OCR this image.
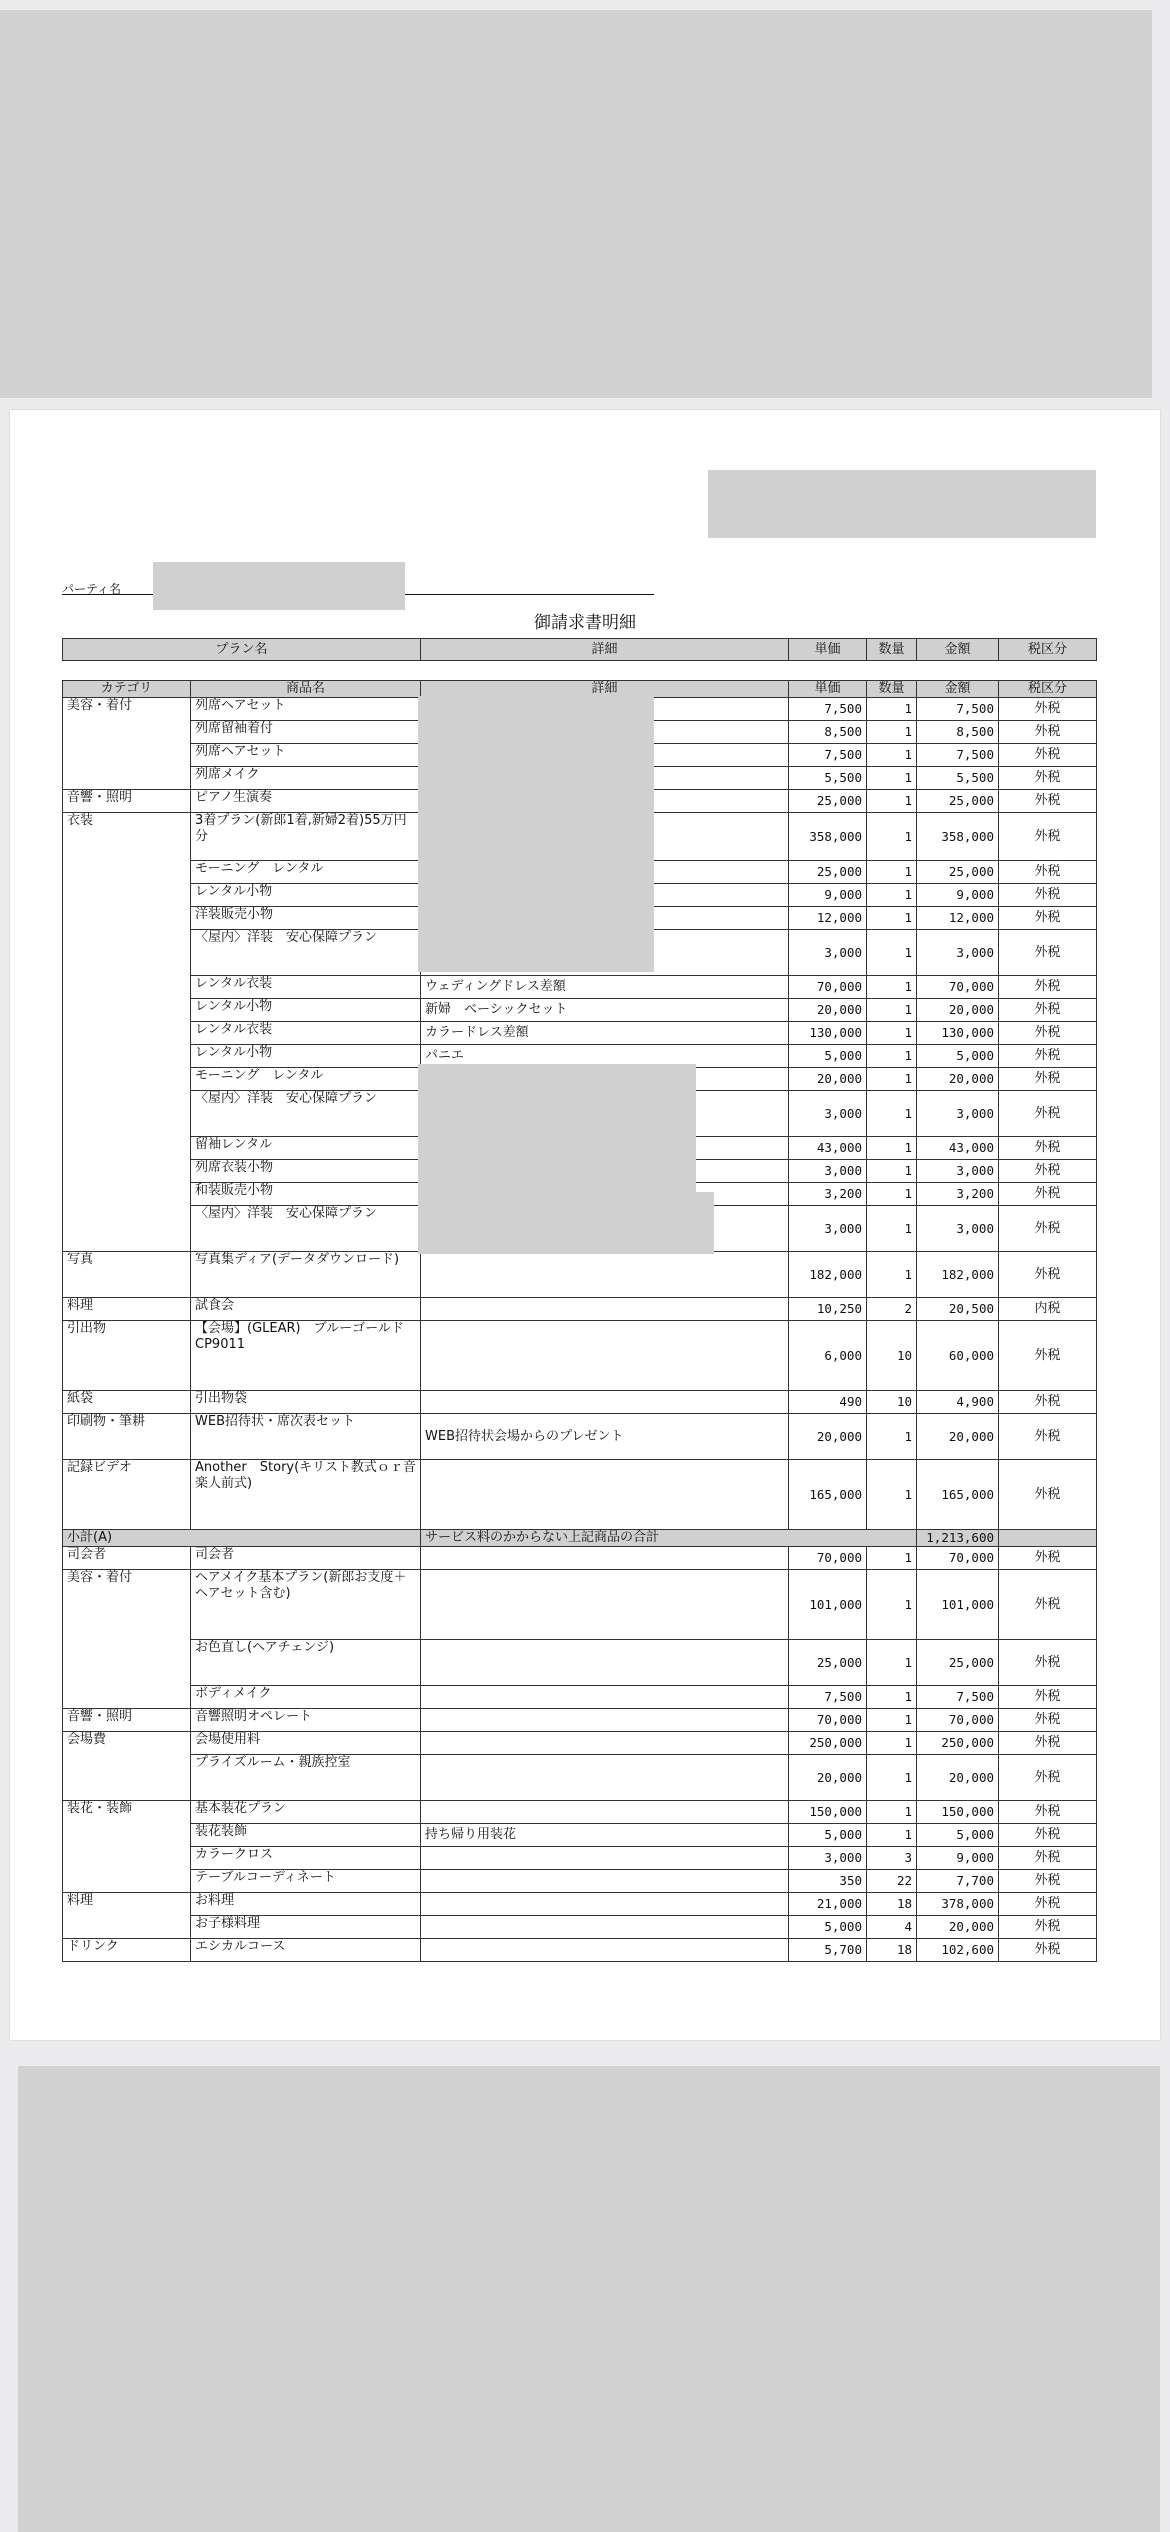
パーティ名
御請求書明細
プラン名	詳細	単価	数量	金額	税区分
カテゴリ	商品名	詳細	単価	数量	金額	税区分
美容・着付	列席ヘアセット		7,500	1	7,500	外税
	列席留袖着付		8,500	1	8,500	外税
	列席ヘアセット		7,500	1	7,500	外税
	列席メイク		5,500	1	5,500	外税
音響・照明	ピアノ生演奏		25,000	1	25,000	外税
衣装	3着プラン(新郎1着,新婦2着)55万円分		358,000	1	358,000	外税
	モーニング　レンタル		25,000	1	25,000	外税
	レンタル小物		9,000	1	9,000	外税
	洋装販売小物		12,000	1	12,000	外税
	〈屋内〉洋装　安心保障プラン		3,000	1	3,000	外税
	レンタル衣装	ウェディングドレス差額	70,000	1	70,000	外税
	レンタル小物	新婦　ベーシックセット	20,000	1	20,000	外税
	レンタル衣装	カラードレス差額	130,000	1	130,000	外税
	レンタル小物	パニエ	5,000	1	5,000	外税
	モーニング　レンタル		20,000	1	20,000	外税
	〈屋内〉洋装　安心保障プラン		3,000	1	3,000	外税
	留袖レンタル		43,000	1	43,000	外税
	列席衣装小物		3,000	1	3,000	外税
	和装販売小物		3,200	1	3,200	外税
	〈屋内〉洋装　安心保障プラン		3,000	1	3,000	外税
写真	写真集ディア(データダウンロード)		182,000	1	182,000	外税
料理	試食会		10,250	2	20,500	内税
引出物	【会場】(GLEAR)　ブルーゴールド　CP9011		6,000	10	60,000	外税
紙袋	引出物袋		490	10	4,900	外税
印刷物・筆耕	WEB招待状・席次表セット	WEB招待状会場からのプレゼント	20,000	1	20,000	外税
記録ビデオ	Another　Story(キリスト教式ｏｒ音楽人前式)		165,000	1	165,000	外税
小計(A)		サービス料のかからない上記商品の合計			1,213,600	
司会者	司会者		70,000	1	70,000	外税
美容・着付	ヘアメイク基本プラン(新郎お支度＋ヘアセット含む)		101,000	1	101,000	外税
	お色直し(ヘアチェンジ)		25,000	1	25,000	外税
	ボディメイク		7,500	1	7,500	外税
音響・照明	音響照明オペレート		70,000	1	70,000	外税
会場費	会場使用料		250,000	1	250,000	外税
	プライズルーム・親族控室		20,000	1	20,000	外税
装花・装飾	基本装花プラン		150,000	1	150,000	外税
	装花装飾	持ち帰り用装花	5,000	1	5,000	外税
	カラークロス		3,000	3	9,000	外税
	テーブルコーディネート		350	22	7,700	外税
料理	お料理		21,000	18	378,000	外税
	お子様料理		5,000	4	20,000	外税
ドリンク	エシカルコース		5,700	18	102,600	外税
